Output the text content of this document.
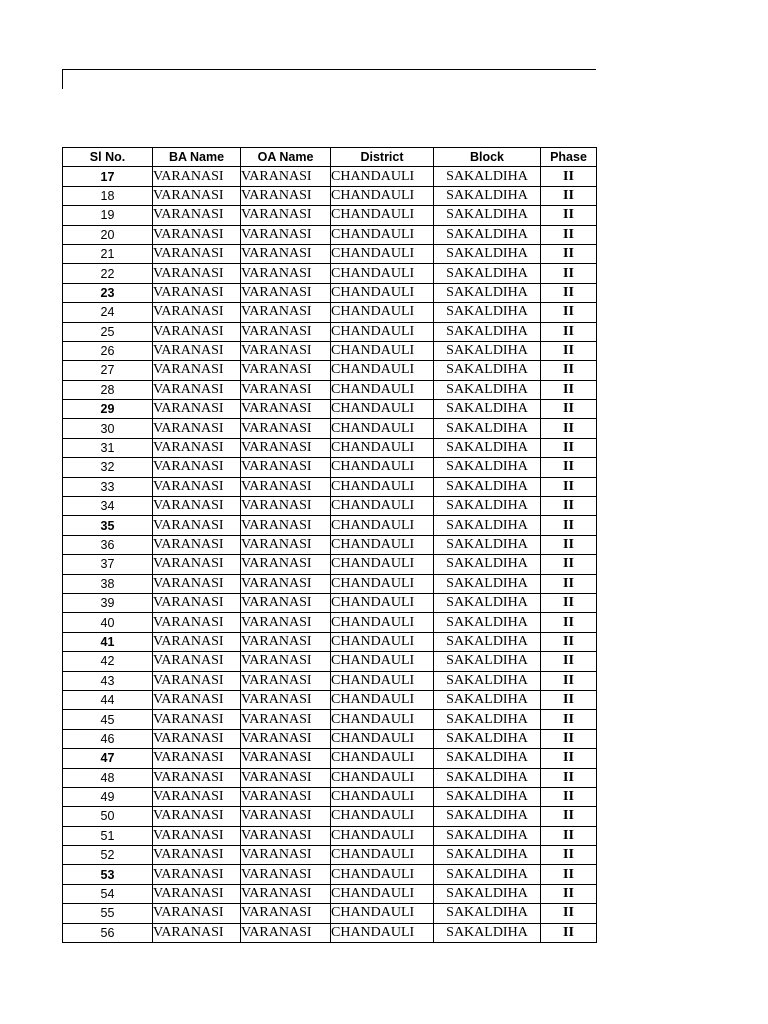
Sl No.	BA Name	OA Name	District	Block	Phase
17	VARANASI	VARANASI	CHANDAULI	SAKALDIHA	II
18	VARANASI	VARANASI	CHANDAULI	SAKALDIHA	II
19	VARANASI	VARANASI	CHANDAULI	SAKALDIHA	II
20	VARANASI	VARANASI	CHANDAULI	SAKALDIHA	II
21	VARANASI	VARANASI	CHANDAULI	SAKALDIHA	II
22	VARANASI	VARANASI	CHANDAULI	SAKALDIHA	II
23	VARANASI	VARANASI	CHANDAULI	SAKALDIHA	II
24	VARANASI	VARANASI	CHANDAULI	SAKALDIHA	II
25	VARANASI	VARANASI	CHANDAULI	SAKALDIHA	II
26	VARANASI	VARANASI	CHANDAULI	SAKALDIHA	II
27	VARANASI	VARANASI	CHANDAULI	SAKALDIHA	II
28	VARANASI	VARANASI	CHANDAULI	SAKALDIHA	II
29	VARANASI	VARANASI	CHANDAULI	SAKALDIHA	II
30	VARANASI	VARANASI	CHANDAULI	SAKALDIHA	II
31	VARANASI	VARANASI	CHANDAULI	SAKALDIHA	II
32	VARANASI	VARANASI	CHANDAULI	SAKALDIHA	II
33	VARANASI	VARANASI	CHANDAULI	SAKALDIHA	II
34	VARANASI	VARANASI	CHANDAULI	SAKALDIHA	II
35	VARANASI	VARANASI	CHANDAULI	SAKALDIHA	II
36	VARANASI	VARANASI	CHANDAULI	SAKALDIHA	II
37	VARANASI	VARANASI	CHANDAULI	SAKALDIHA	II
38	VARANASI	VARANASI	CHANDAULI	SAKALDIHA	II
39	VARANASI	VARANASI	CHANDAULI	SAKALDIHA	II
40	VARANASI	VARANASI	CHANDAULI	SAKALDIHA	II
41	VARANASI	VARANASI	CHANDAULI	SAKALDIHA	II
42	VARANASI	VARANASI	CHANDAULI	SAKALDIHA	II
43	VARANASI	VARANASI	CHANDAULI	SAKALDIHA	II
44	VARANASI	VARANASI	CHANDAULI	SAKALDIHA	II
45	VARANASI	VARANASI	CHANDAULI	SAKALDIHA	II
46	VARANASI	VARANASI	CHANDAULI	SAKALDIHA	II
47	VARANASI	VARANASI	CHANDAULI	SAKALDIHA	II
48	VARANASI	VARANASI	CHANDAULI	SAKALDIHA	II
49	VARANASI	VARANASI	CHANDAULI	SAKALDIHA	II
50	VARANASI	VARANASI	CHANDAULI	SAKALDIHA	II
51	VARANASI	VARANASI	CHANDAULI	SAKALDIHA	II
52	VARANASI	VARANASI	CHANDAULI	SAKALDIHA	II
53	VARANASI	VARANASI	CHANDAULI	SAKALDIHA	II
54	VARANASI	VARANASI	CHANDAULI	SAKALDIHA	II
55	VARANASI	VARANASI	CHANDAULI	SAKALDIHA	II
56	VARANASI	VARANASI	CHANDAULI	SAKALDIHA	II
